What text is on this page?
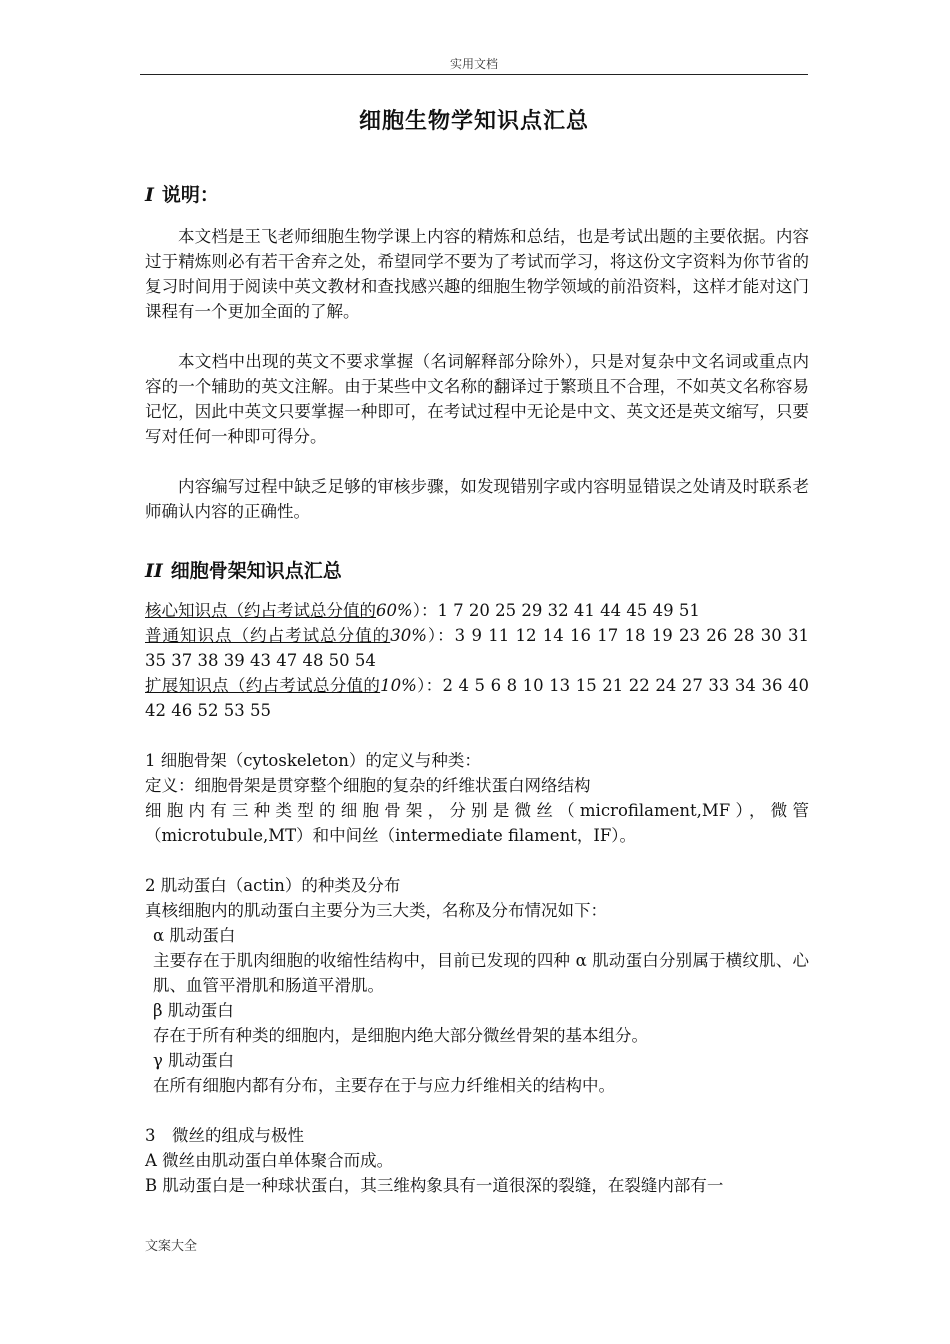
实用文档
细胞生物学知识点汇总
I 说明：

本文档是王飞老师细胞生物学课上内容的精炼和总结，也是考试出题的主要依据。内容过于精炼则必有若干舍弃之处，希望同学不要为了考试而学习，将这份文字资料为你节省的复习时间用于阅读中英文教材和查找感兴趣的细胞生物学领域的前沿资料，这样才能对这门课程有一个更加全面的了解。

本文档中出现的英文不要求掌握（名词解释部分除外），只是对复杂中文名词或重点内容的一个辅助的英文注解。由于某些中文名称的翻译过于繁琐且不合理，不如英文名称容易记忆，因此中英文只要掌握一种即可，在考试过程中无论是中文、英文还是英文缩写，只要写对任何一种即可得分。

内容编写过程中缺乏足够的审核步骤，如发现错别字或内容明显错误之处请及时联系老师确认内容的正确性。

II 细胞骨架知识点汇总

核心知识点（约占考试总分值的60%）：1 7 20 25 29 32 41 44 45 49 51

普通知识点（约占考试总分值的30%）：3 9 11 12 14 16 17 18 19 23 26 28 30 31

35 37 38 39 43 47 48 50 54

扩展知识点（约占考试总分值的10%）：2 4 5 6 8 10 13 15 21 22 24 27 33 34 36 40

42 46 52 53 55

1 细胞骨架（cytoskeleton）的定义与种类：

定义：细胞骨架是贯穿整个细胞的复杂的纤维状蛋白网络结构

细胞内有三种类型的细胞骨架，分别是微丝（microfilament,MF），微管

（microtubule,MT）和中间丝（intermediate filament，IF）。

2 肌动蛋白（actin）的种类及分布

真核细胞内的肌动蛋白主要分为三大类，名称及分布情况如下：

α 肌动蛋白

主要存在于肌肉细胞的收缩性结构中，目前已发现的四种 α 肌动蛋白分别属于横纹肌、心肌、血管平滑肌和肠道平滑肌。

β 肌动蛋白

存在于所有种类的细胞内，是细胞内绝大部分微丝骨架的基本组分。

γ 肌动蛋白

在所有细胞内都有分布，主要存在于与应力纤维相关的结构中。

3　微丝的组成与极性

A 微丝由肌动蛋白单体聚合而成。

B 肌动蛋白是一种球状蛋白，其三维构象具有一道很深的裂缝，在裂缝内部有一

文案大全
